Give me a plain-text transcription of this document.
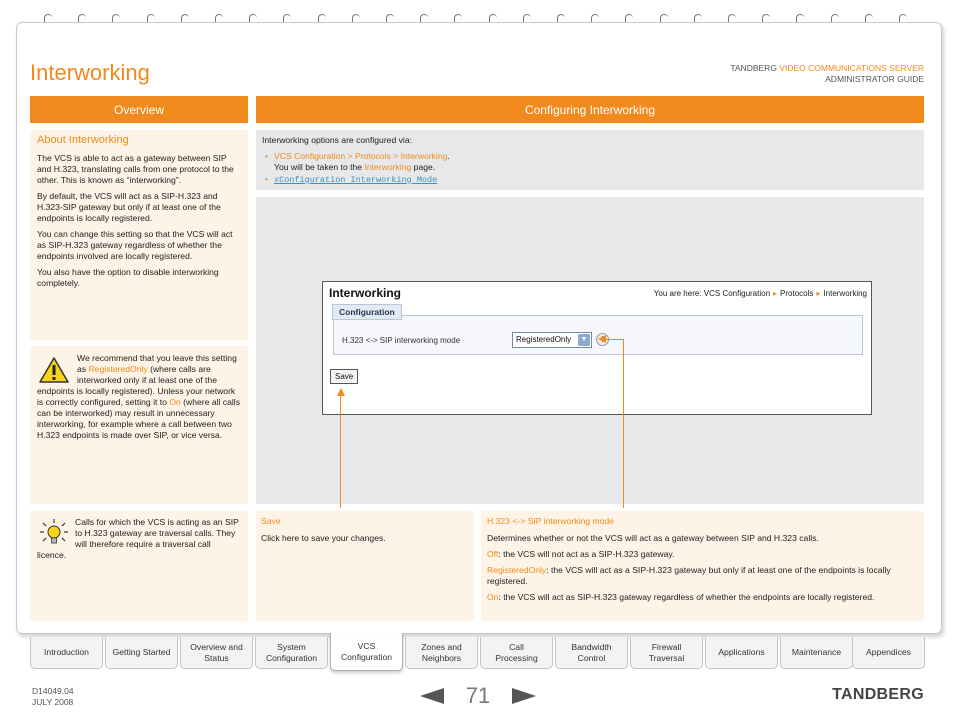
Interworking	TANDBERG VIDEO COMMUNICATIONS SERVER
ADMINISTRATOR GUIDE
Overview	Configuring Interworking
About Interworking

The VCS is able to act as a gateway between SIP and H.323, translating calls from one protocol to the other. This is known as “interworking”.

By default, the VCS will act as a SIP-H.323 and H.323-SIP gateway but only if at least one of the endpoints is locally registered.

You can change this setting so that the VCS will act as SIP-H.323 gateway regardless of whether the endpoints involved are locally registered.

You also have the option to disable interworking completely.

We recommend that you leave this setting as RegisteredOnly (where calls are interworked only if at least one of the endpoints is locally registered). Unless your network is correctly configured, setting it to On (where all calls can be interworked) may result in unnecessary interworking, for example where a call between two H.323 endpoints is made over SIP, or vice versa.
Calls for which the VCS is acting as an SIP to H.323 gateway are traversal calls. They will therefore require a traversal call licence.
Interworking options are configured via:
• VCS Configuration > Protocols > Interworking.
You will be taken to the Interworking page.
• xConfiguration Interworking Mode
Interworking	You are here: VCS Configuration ▸ Protocols ▸ Interworking
H.323 <-> SIP interworking mode	RegisteredOnly	▼	i
Configuration
Save
Save
Click here to save your changes.
H.323 <-> SIP interworking mode

Determines whether or not the VCS will act as a gateway between SIP and H.323 calls.

Off: the VCS will not act as a SIP-H.323 gateway.

RegisteredOnly: the VCS will act as a SIP-H.323 gateway but only if at least one of the endpoints is locally registered.

On: the VCS will act as SIP-H.323 gateway regardless of whether the endpoints are locally registered.

Introduction	Getting Started
Overview and
Status
System
Configuration
VCS
Configuration
Zones and
Neighbors
Call
Processing
Bandwidth
Control
Firewall
Traversal
Applications	Maintenance	Appendices
D14049.04
JULY 2008	71	TANDBERG
